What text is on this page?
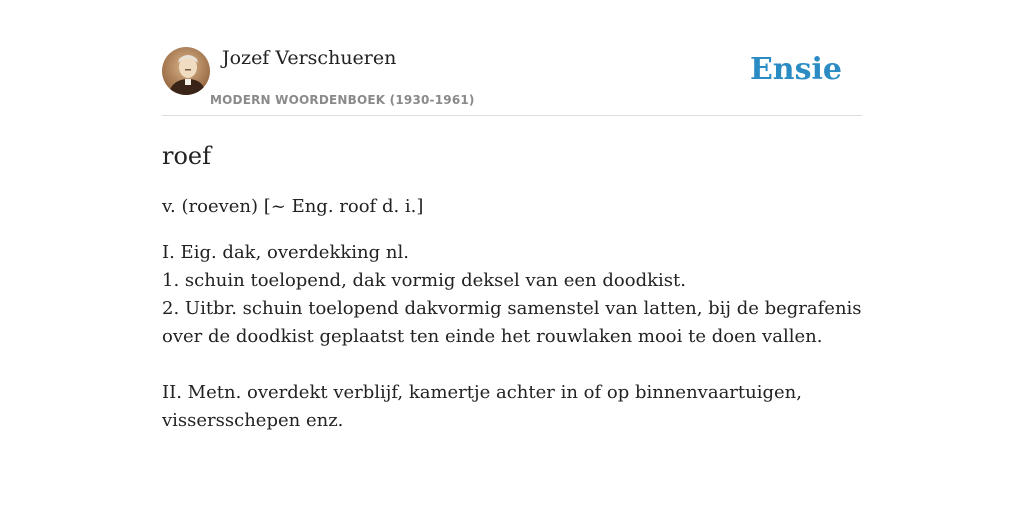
Jozef Verschueren
MODERN WOORDENBOEK (1930-1961)
Ensie
roef

v. (roeven) [~ Eng. roof d. i.]

I. Eig. dak, overdekking nl.
1. schuin toelopend, dak vormig deksel van een doodkist.
2. Uitbr. schuin toelopend dakvormig samenstel van latten, bij de begrafenis over de doodkist geplaatst ten einde het rouwlaken mooi te doen vallen.
II. Metn. overdekt verblijf, kamertje achter in of op binnenvaartuigen, vissersschepen enz.
